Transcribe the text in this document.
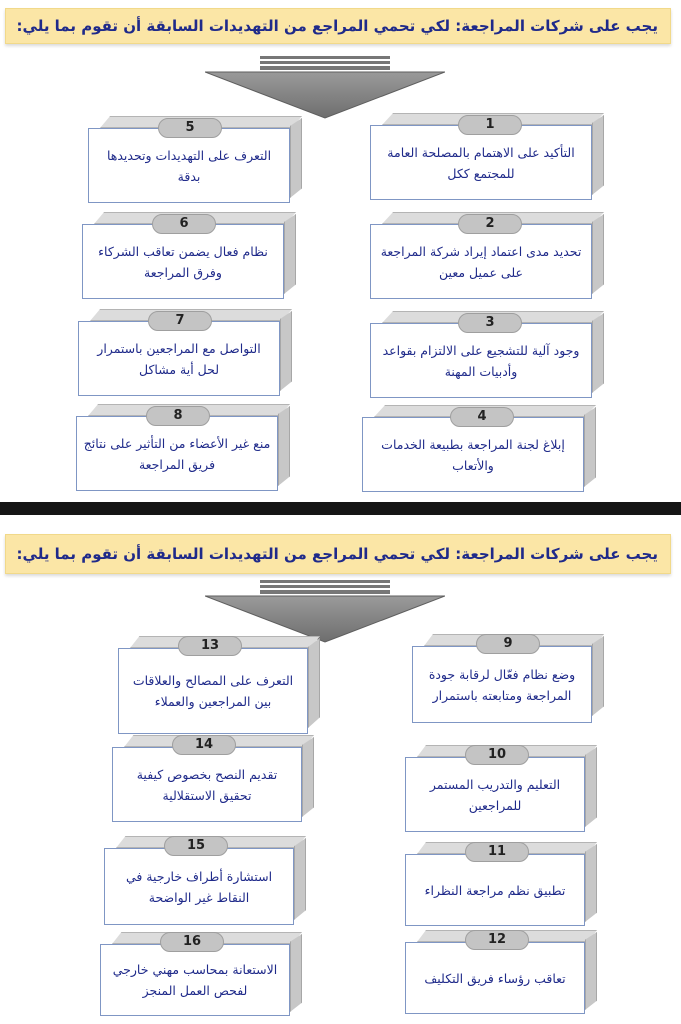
يجب على شركات المراجعة: لكي تحمي المراجع من التهديدات السابقة أن تقوم بما يلي:
التأكيد على الاهتمام بالمصلحة العامة للمجتمع ككل
1
تحديد مدى اعتماد إيراد شركة المراجعة على عميل معين
2
وجود آلية للتشجيع على الالتزام بقواعد وأدبيات المهنة
3
إبلاغ لجنة المراجعة بطبيعة الخدمات والأتعاب
4
التعرف على التهديدات وتحديدها بدقة
5
نظام فعال يضمن تعاقب الشركاء وفرق المراجعة
6
التواصل مع المراجعين باستمرار لحل أية مشاكل
7
منع غير الأعضاء من التأثير على نتائج فريق المراجعة
8
يجب على شركات المراجعة: لكي تحمي المراجع من التهديدات السابقة أن تقوم بما يلي:
وضع نظام فعّال لرقابة جودة المراجعة ومتابعته باستمرار
9
التعليم والتدريب المستمر للمراجعين
10
تطبيق نظم مراجعة النظراء
11
تعاقب رؤساء فريق التكليف
12
التعرف على المصالح والعلاقات بين المراجعين والعملاء
13
تقديم النصح بخصوص كيفية تحقيق الاستقلالية
14
استشارة أطراف خارجية في النقاط غير الواضحة
15
الاستعانة بمحاسب مهني خارجي لفحص العمل المنجز
16
